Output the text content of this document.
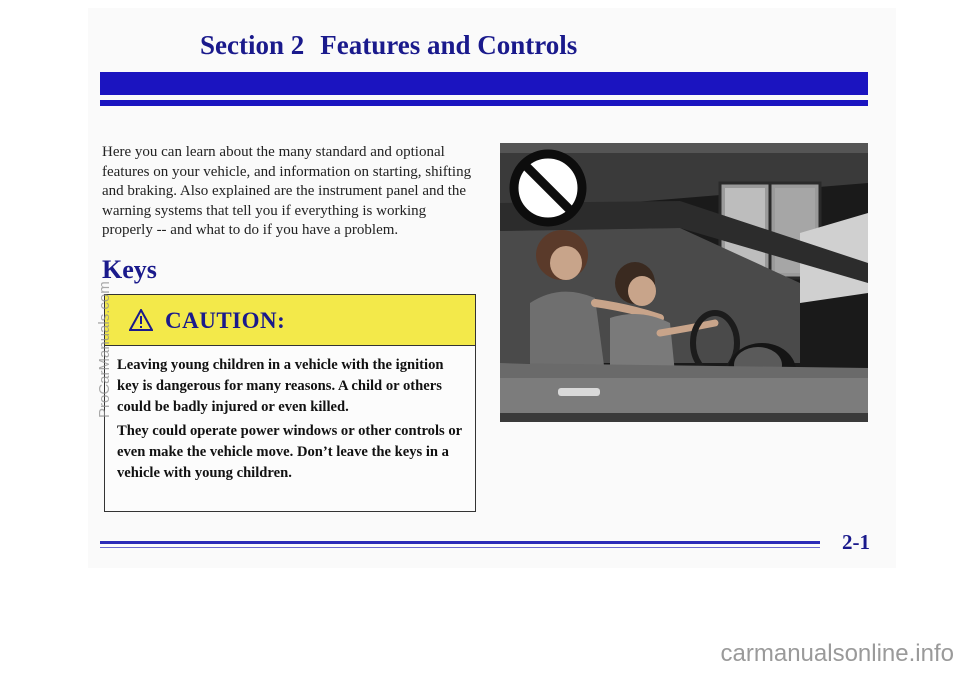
Section 2 Features and Controls
Here you can learn about the many standard and optional features on your vehicle, and information on starting, shifting and braking. Also explained are the instrument panel and the warning systems that tell you if everything is working properly -- and what to do if you have a problem.
Keys
CAUTION:

Leaving young children in a vehicle with the ignition key is dangerous for many reasons. A child or others could be badly injured or even killed.

They could operate power windows or other controls or even make the vehicle move. Don’t leave the keys in a vehicle with young children.

2-1
ProCarManuals.com
carmanualsonline.info
